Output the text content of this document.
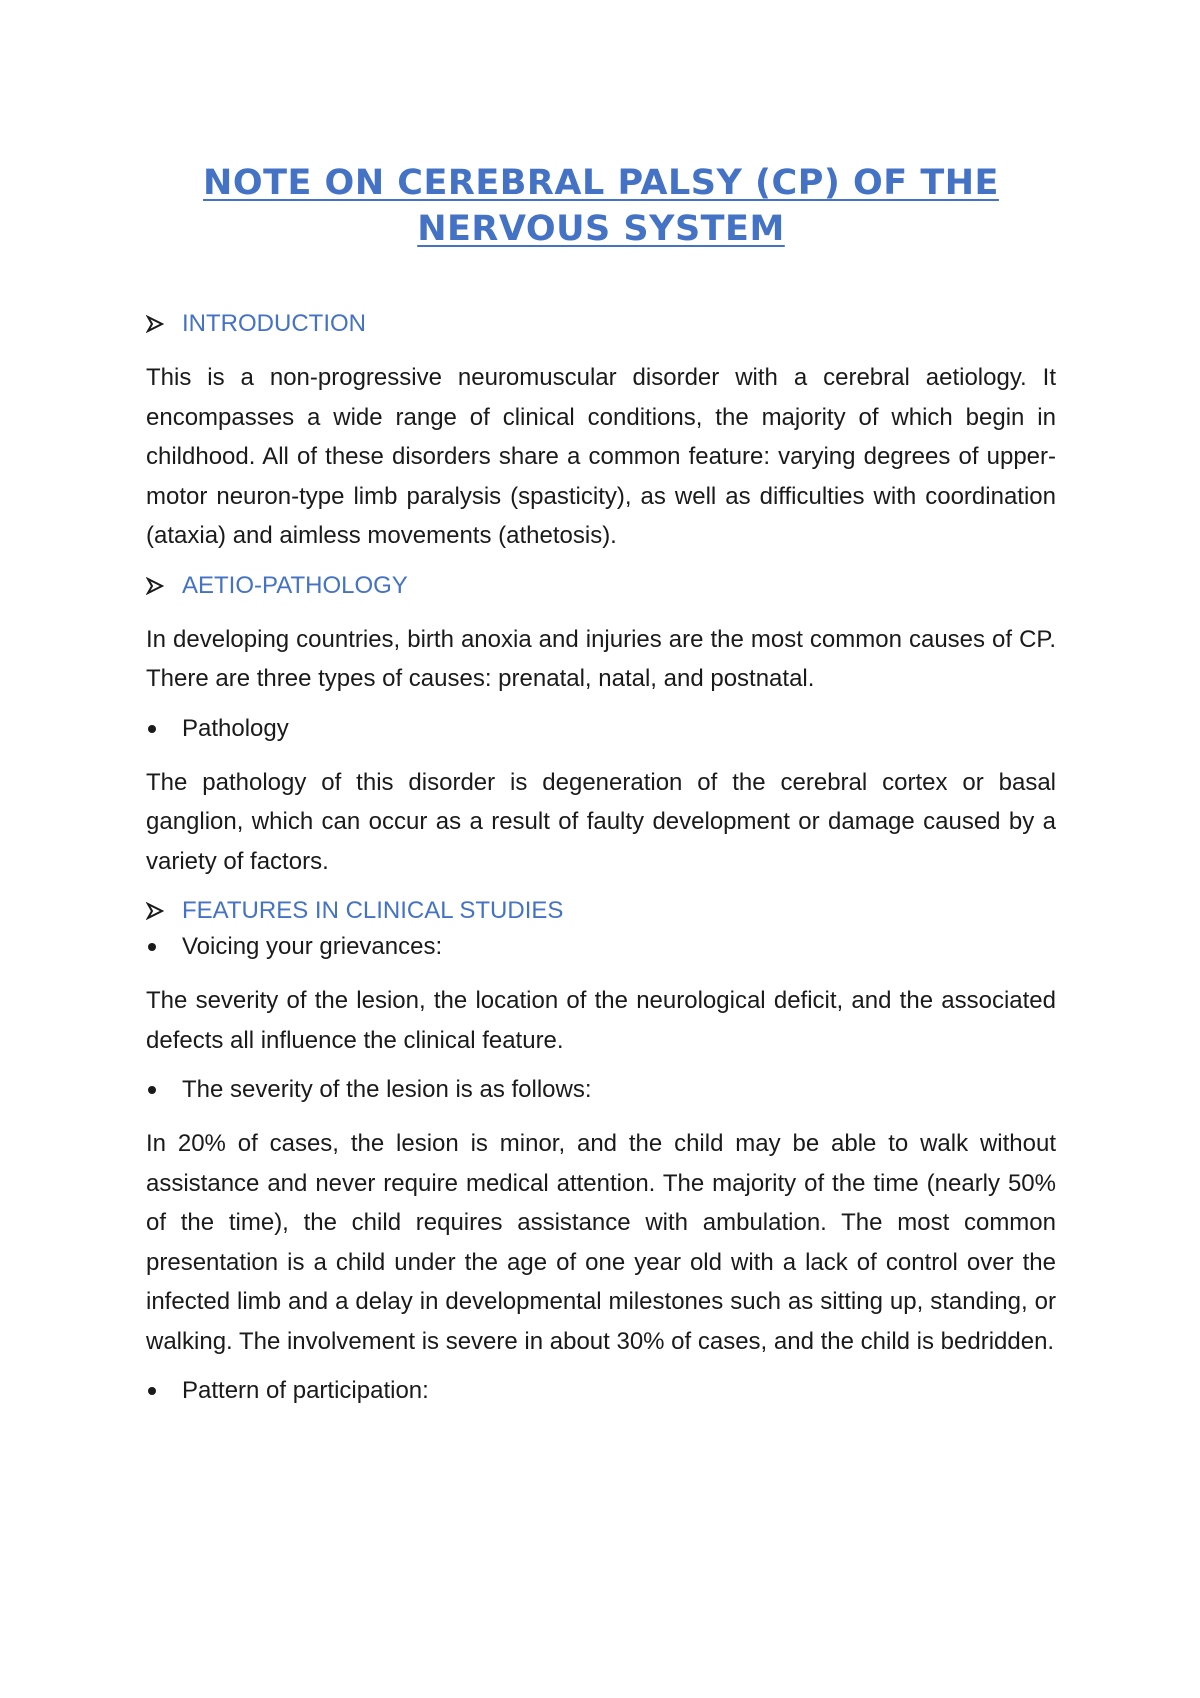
NOTE ON CEREBRAL PALSY (CP) OF THE
NERVOUS SYSTEM
INTRODUCTION

This is a non-progressive neuromuscular disorder with a cerebral aetiology. It encompasses a wide range of clinical conditions, the majority of which begin in childhood. All of these disorders share a common feature: varying degrees of upper-motor neuron-type limb paralysis (spasticity), as well as difficulties with coordination (ataxia) and aimless movements (athetosis).

AETIO-PATHOLOGY

In developing countries, birth anoxia and injuries are the most common causes of CP. There are three types of causes: prenatal, natal, and postnatal.

Pathology

The pathology of this disorder is degeneration of the cerebral cortex or basal ganglion, which can occur as a result of faulty development or damage caused by a variety of factors.

FEATURES IN CLINICAL STUDIES
Voicing your grievances:

The severity of the lesion, the location of the neurological deficit, and the associated defects all influence the clinical feature.

The severity of the lesion is as follows:

In 20% of cases, the lesion is minor, and the child may be able to walk without assistance and never require medical attention. The majority of the time (nearly 50% of the time), the child requires assistance with ambulation. The most common presentation is a child under the age of one year old with a lack of control over the infected limb and a delay in developmental milestones such as sitting up, standing, or walking. The involvement is severe in about 30% of cases, and the child is bedridden.

Pattern of participation:
